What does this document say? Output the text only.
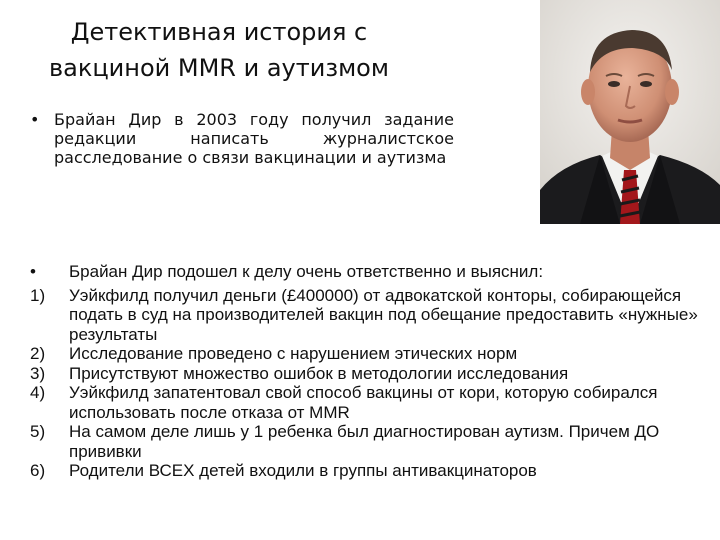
Детективная история с
вакциной MMR и аутизмом
• Брайан Дир в 2003 году получил задание редакции написать журналистское расследование о связи вакцинации и аутизма
• Брайан Дир подошел к делу очень ответственно и выяснил:
1) Уэйкфилд получил деньги (£400000) от адвокатской конторы, собирающейся подать в суд на производителей вакцин под обещание предоставить «нужные» результаты
2) Исследование проведено с нарушением этических норм
3) Присутствуют множество ошибок в методологии исследования
4) Уэйкфилд запатентовал свой способ вакцины от кори, которую собирался использовать после отказа от MMR
5) На самом деле лишь у 1 ребенка был диагностирован аутизм. Причем ДО прививки
6) Родители ВСЕХ детей входили в группы антивакцинаторов
